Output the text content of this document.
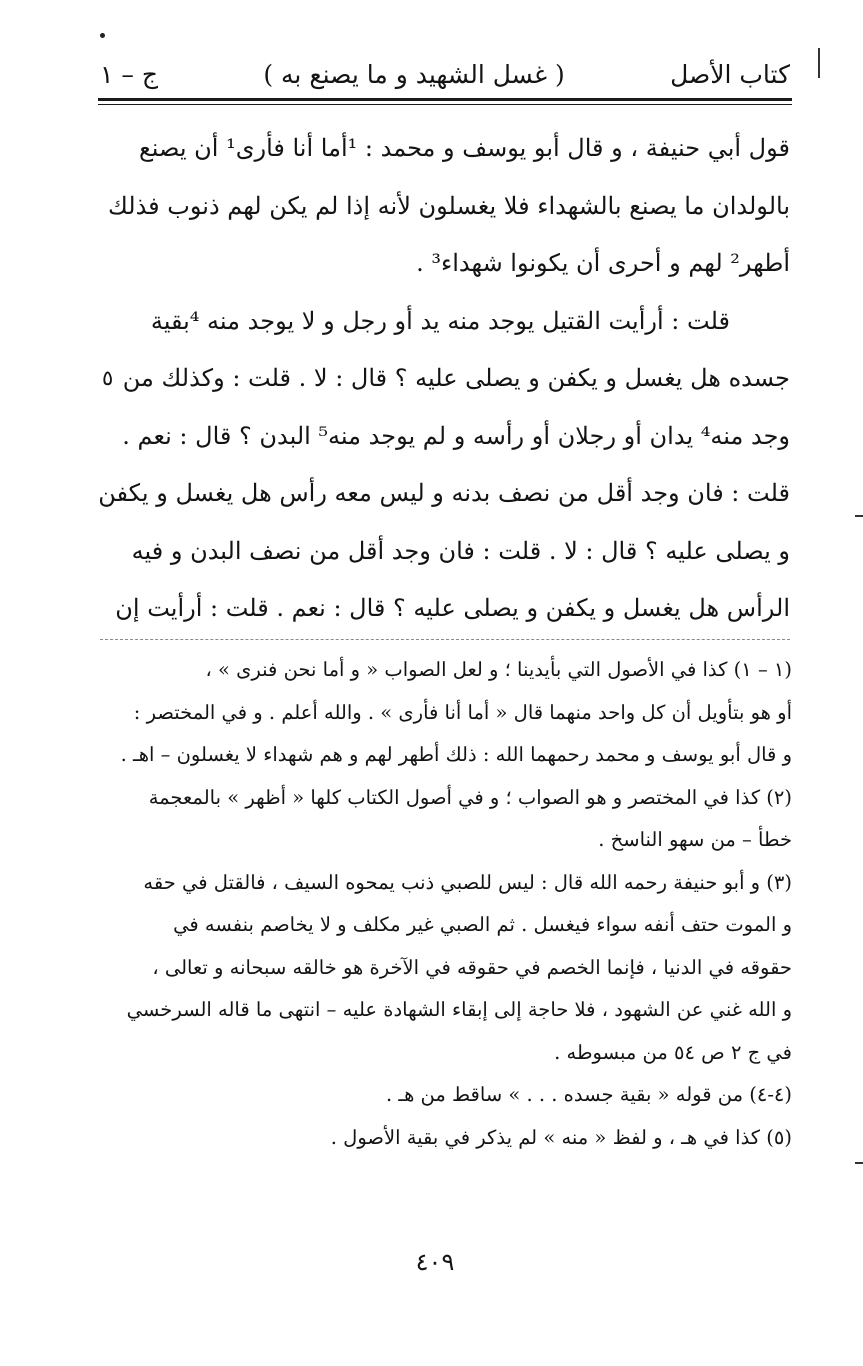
كتاب الأصل
( غسل الشهيد و ما يصنع به )
ج – ١

قول أبي حنيفة ، و قال أبو يوسف و محمد : ¹أما أنا فأرى¹ أن يصنع

بالولدان ما يصنع بالشهداء فلا يغسلون لأنه إذا لم يكن لهم ذنوب فذلك

أطهر² لهم و أحرى أن يكونوا شهداء³ .

قلت : أرأيت القتيل يوجد منه يد أو رجل و لا يوجد منه ⁴بقية

جسده هل يغسل و يكفن و يصلى عليه ؟ قال : لا . قلت : وكذلك من
٥

وجد منه⁴ يدان أو رجلان أو رأسه و لم يوجد منه⁵ البدن ؟ قال : نعم .

قلت : فان وجد أقل من نصف بدنه و ليس معه رأس هل يغسل و يكفن

و يصلى عليه ؟ قال : لا . قلت : فان وجد أقل من نصف البدن و فيه

الرأس هل يغسل و يكفن و يصلى عليه ؟ قال : نعم . قلت : أرأيت إن

(١ – ١) كذا في الأصول التي بأيدينا ؛ و لعل الصواب « و أما نحن فنرى » ،

أو هو بتأويل أن كل واحد منهما قال « أما أنا فأرى » . والله أعلم . و في المختصر :

و قال أبو يوسف و محمد رحمهما الله : ذلك أطهر لهم و هم شهداء لا يغسلون – اهـ .

(٢) كذا في المختصر و هو الصواب ؛ و في أصول الكتاب كلها « أظهر » بالمعجمة

خطأ – من سهو الناسخ .

(٣) و أبو حنيفة رحمه الله قال : ليس للصبي ذنب يمحوه السيف ، فالقتل في حقه

و الموت حتف أنفه سواء فيغسل . ثم الصبي غير مكلف و لا يخاصم بنفسه في

حقوقه في الدنيا ، فإنما الخصم في حقوقه في الآخرة هو خالقه سبحانه و تعالى ،

و الله غني عن الشهود ، فلا حاجة إلى إبقاء الشهادة عليه – انتهى ما قاله السرخسي

في ج ٢ ص ٥٤ من مبسوطه .

(٤-٤) من قوله « بقية جسده . . . » ساقط من هـ .

(٥) كذا في هـ ، و لفظ « منه » لم يذكر في بقية الأصول .

٤٠٩
